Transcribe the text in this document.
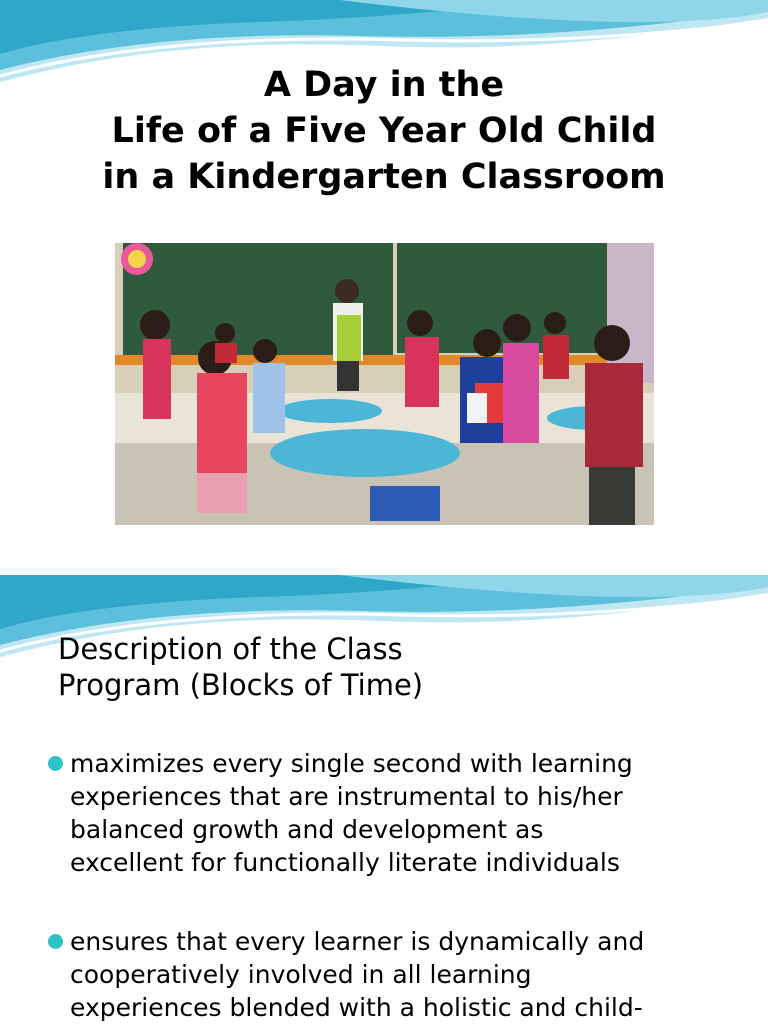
A Day in the
Life of a Five Year Old Child
in a Kindergarten Classroom
Description of the Class
Program (Blocks of Time)
maximizes every single second with learning
experiences that are instrumental to his/her
balanced growth and development as
excellent for functionally literate individuals
ensures that every learner is dynamically and
cooperatively involved in all learning
experiences blended with a holistic and child-
